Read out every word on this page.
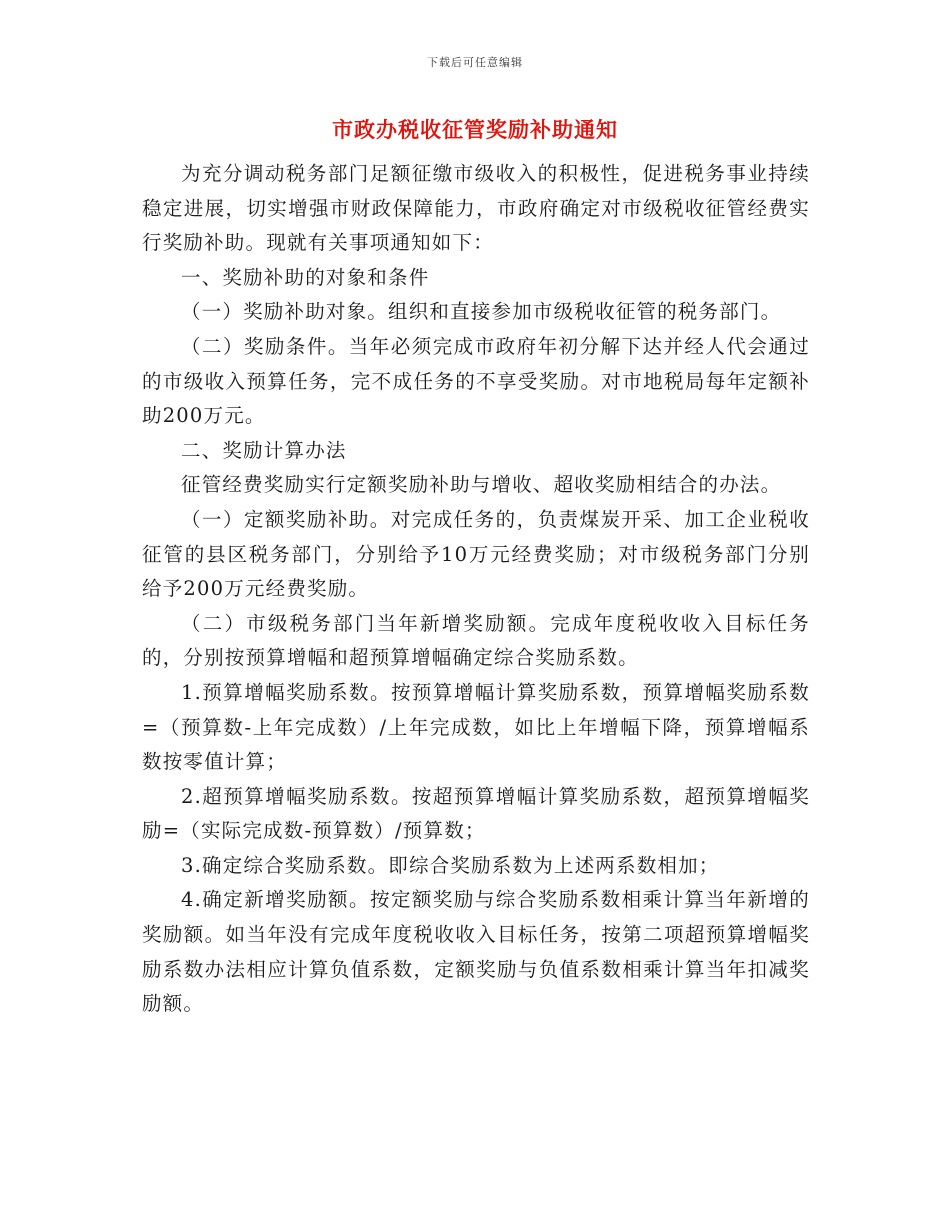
下载后可任意编辑
市政办税收征管奖励补助通知

为充分调动税务部门足额征缴市级收入的积极性，促进税务事业持续稳定进展，切实增强市财政保障能力，市政府确定对市级税收征管经费实行奖励补助。现就有关事项通知如下：

一、奖励补助的对象和条件

（一）奖励补助对象。组织和直接参加市级税收征管的税务部门。

（二）奖励条件。当年必须完成市政府年初分解下达并经人代会通过的市级收入预算任务，完不成任务的不享受奖励。对市地税局每年定额补助200万元。

二、奖励计算办法

征管经费奖励实行定额奖励补助与增收、超收奖励相结合的办法。

（一）定额奖励补助。对完成任务的，负责煤炭开采、加工企业税收征管的县区税务部门，分别给予10万元经费奖励；对市级税务部门分别给予200万元经费奖励。

（二）市级税务部门当年新增奖励额。完成年度税收收入目标任务的，分别按预算增幅和超预算增幅确定综合奖励系数。

1.预算增幅奖励系数。按预算增幅计算奖励系数，预算增幅奖励系数=（预算数-上年完成数）/上年完成数，如比上年增幅下降，预算增幅系数按零值计算；

2.超预算增幅奖励系数。按超预算增幅计算奖励系数，超预算增幅奖励=（实际完成数-预算数）/预算数；

3.确定综合奖励系数。即综合奖励系数为上述两系数相加；

4.确定新增奖励额。按定额奖励与综合奖励系数相乘计算当年新增的奖励额。如当年没有完成年度税收收入目标任务，按第二项超预算增幅奖励系数办法相应计算负值系数，定额奖励与负值系数相乘计算当年扣减奖励额。
